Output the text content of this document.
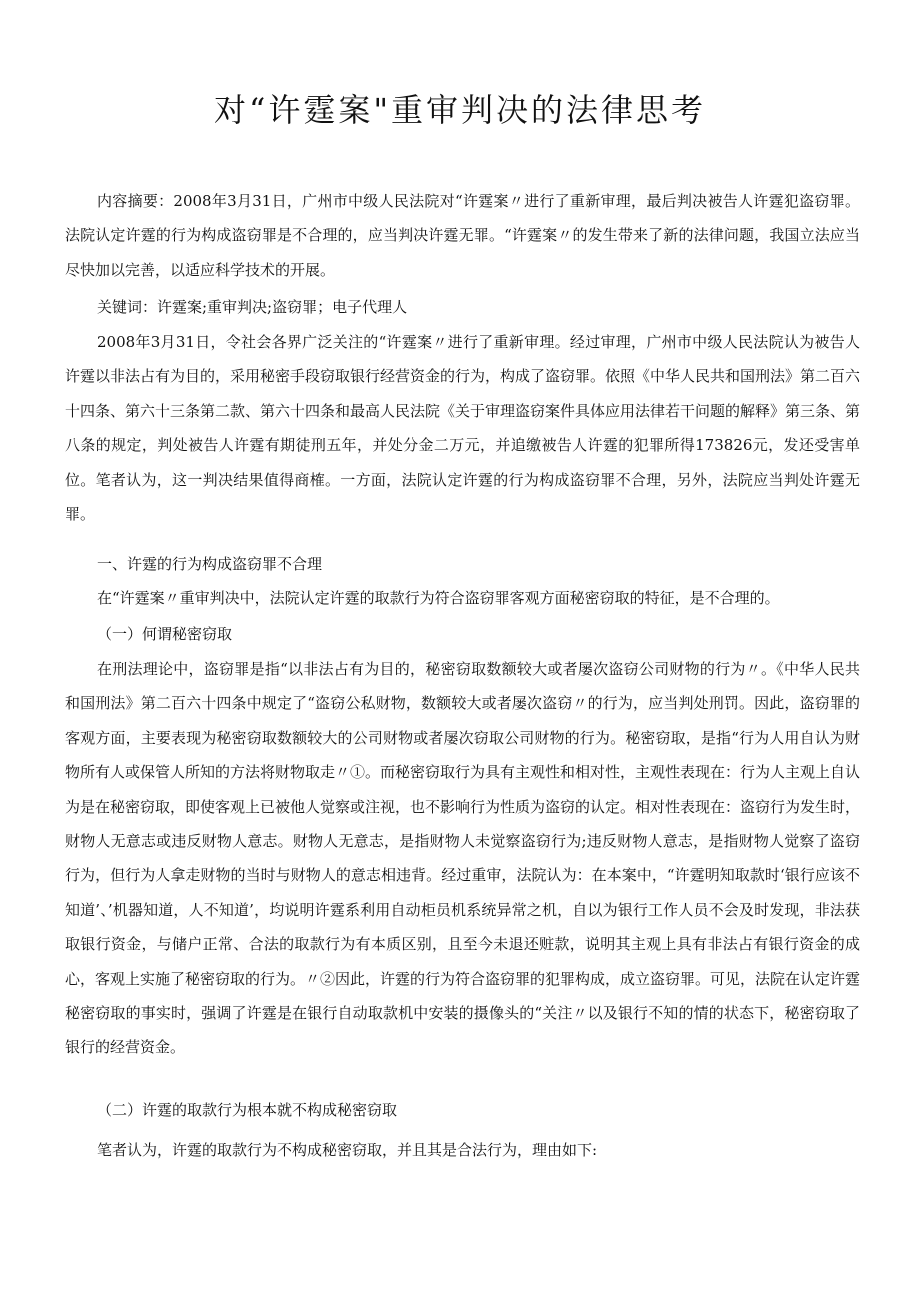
对“许霆案"重审判决的法律思考

内容摘要：2008年3月31日，广州市中级人民法院对“许霆案〃进行了重新审理，最后判决被告人许霆犯盗窃罪。法院认定许霆的行为构成盗窃罪是不合理的，应当判决许霆无罪。“许霆案〃的发生带来了新的法律问题，我国立法应当尽快加以完善，以适应科学技术的开展。

关键词：许霆案;重审判决;盗窃罪；电子代理人

2008年3月31日，令社会各界广泛关注的“许霆案〃进行了重新审理。经过审理，广州市中级人民法院认为被告人许霆以非法占有为目的，采用秘密手段窃取银行经营资金的行为，构成了盗窃罪。依照《中华人民共和国刑法》第二百六十四条、第六十三条第二款、第六十四条和最高人民法院《关于审理盗窃案件具体应用法律若干问题的解释》第三条、第八条的规定，判处被告人许霆有期徒刑五年，并处分金二万元，并追缴被告人许霆的犯罪所得173826元，发还受害单位。笔者认为，这一判决结果值得商榷。一方面，法院认定许霆的行为构成盗窃罪不合理，另外，法院应当判处许霆无罪。

一、许霆的行为构成盗窃罪不合理

在“许霆案〃重审判决中，法院认定许霆的取款行为符合盗窃罪客观方面秘密窃取的特征，是不合理的。

（一）何谓秘密窃取

在刑法理论中，盗窃罪是指“以非法占有为目的，秘密窃取数额较大或者屡次盗窃公司财物的行为〃。《中华人民共和国刑法》第二百六十四条中规定了“盗窃公私财物，数额较大或者屡次盗窃〃的行为，应当判处刑罚。因此，盗窃罪的客观方面，主要表现为秘密窃取数额较大的公司财物或者屡次窃取公司财物的行为。秘密窃取，是指“行为人用自认为财物所有人或保管人所知的方法将财物取走〃①。而秘密窃取行为具有主观性和相对性，主观性表现在：行为人主观上自认为是在秘密窃取，即使客观上已被他人觉察或注视，也不影响行为性质为盗窃的认定。相对性表现在：盗窃行为发生时，财物人无意志或违反财物人意志。财物人无意志，是指财物人未觉察盗窃行为;违反财物人意志，是指财物人觉察了盗窃行为，但行为人拿走财物的当时与财物人的意志相违背。经过重审，法院认为：在本案中，“许霆明知取款时‘银行应该不知道’、’机器知道，人不知道’，均说明许霆系利用自动柜员机系统异常之机，自以为银行工作人员不会及时发现，非法获取银行资金，与储户正常、合法的取款行为有本质区别，且至今未退还赃款，说明其主观上具有非法占有银行资金的成心，客观上实施了秘密窃取的行为。〃②因此，许霆的行为符合盗窃罪的犯罪构成，成立盗窃罪。可见，法院在认定许霆秘密窃取的事实时，强调了许霆是在银行自动取款机中安装的摄像头的“关注〃以及银行不知的情的状态下，秘密窃取了银行的经营资金。

（二）许霆的取款行为根本就不构成秘密窃取

笔者认为，许霆的取款行为不构成秘密窃取，并且其是合法行为，理由如下:
